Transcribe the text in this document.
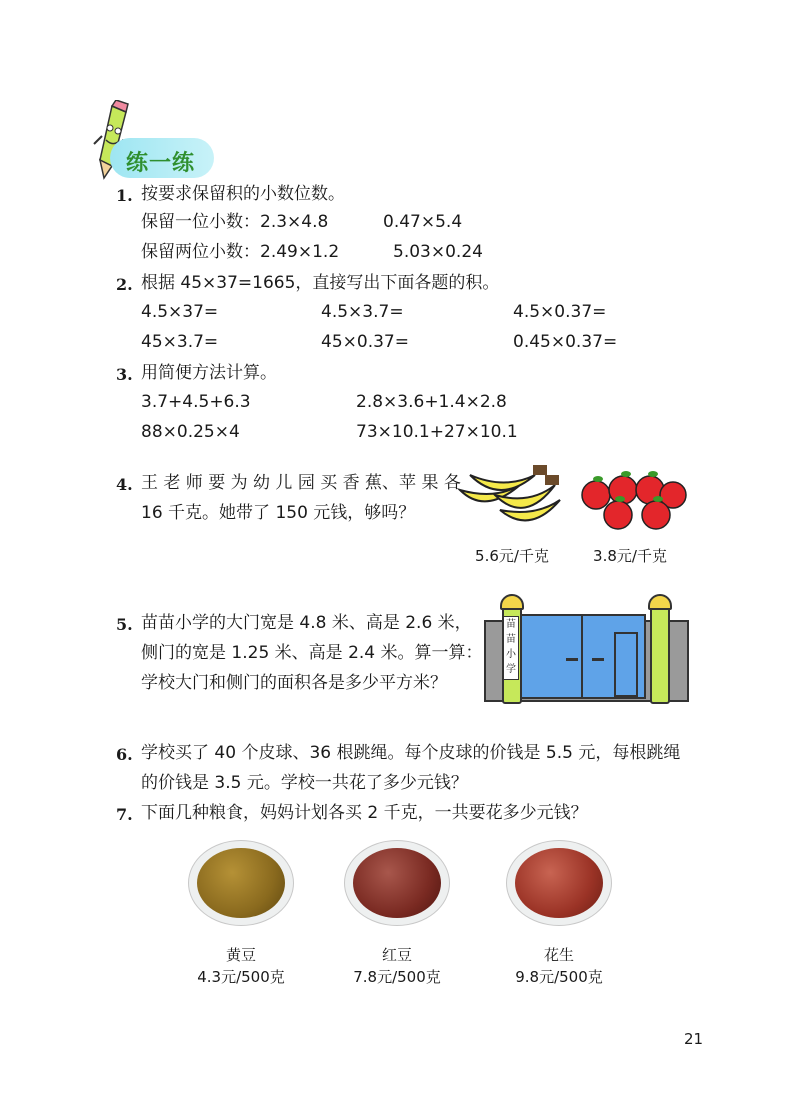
练一练
1. 按要求保留积的小数位数。
保留一位小数：2.3×4.8	0.47×5.4
保留两位小数：2.49×1.2	5.03×0.24
2. 根据 45×37=1665，直接写出下面各题的积。
4.5×37=	4.5×3.7=	4.5×0.37=
45×3.7=	45×0.37=	0.45×0.37=
3. 用简便方法计算。
3.7+4.5+6.3	2.8×3.6+1.4×2.8
88×0.25×4	73×10.1+27×10.1
4. 王 老 师 要 为 幼 儿 园 买 香 蕉、苹 果 各
16 千克。她带了 150 元钱，够吗？
5.6元/千克	3.8元/千克
5. 苗苗小学的大门宽是 4.8 米、高是 2.6 米，
侧门的宽是 1.25 米、高是 2.4 米。算一算：
学校大门和侧门的面积各是多少平方米？
苗
苗
小
学
6. 学校买了 40 个皮球、36 根跳绳。每个皮球的价钱是 5.5 元，每根跳绳
的价钱是 3.5 元。学校一共花了多少元钱？
7. 下面几种粮食，妈妈计划各买 2 千克，一共要花多少元钱？
黄豆
4.3元/500克
红豆
7.8元/500克
花生
9.8元/500克
21
